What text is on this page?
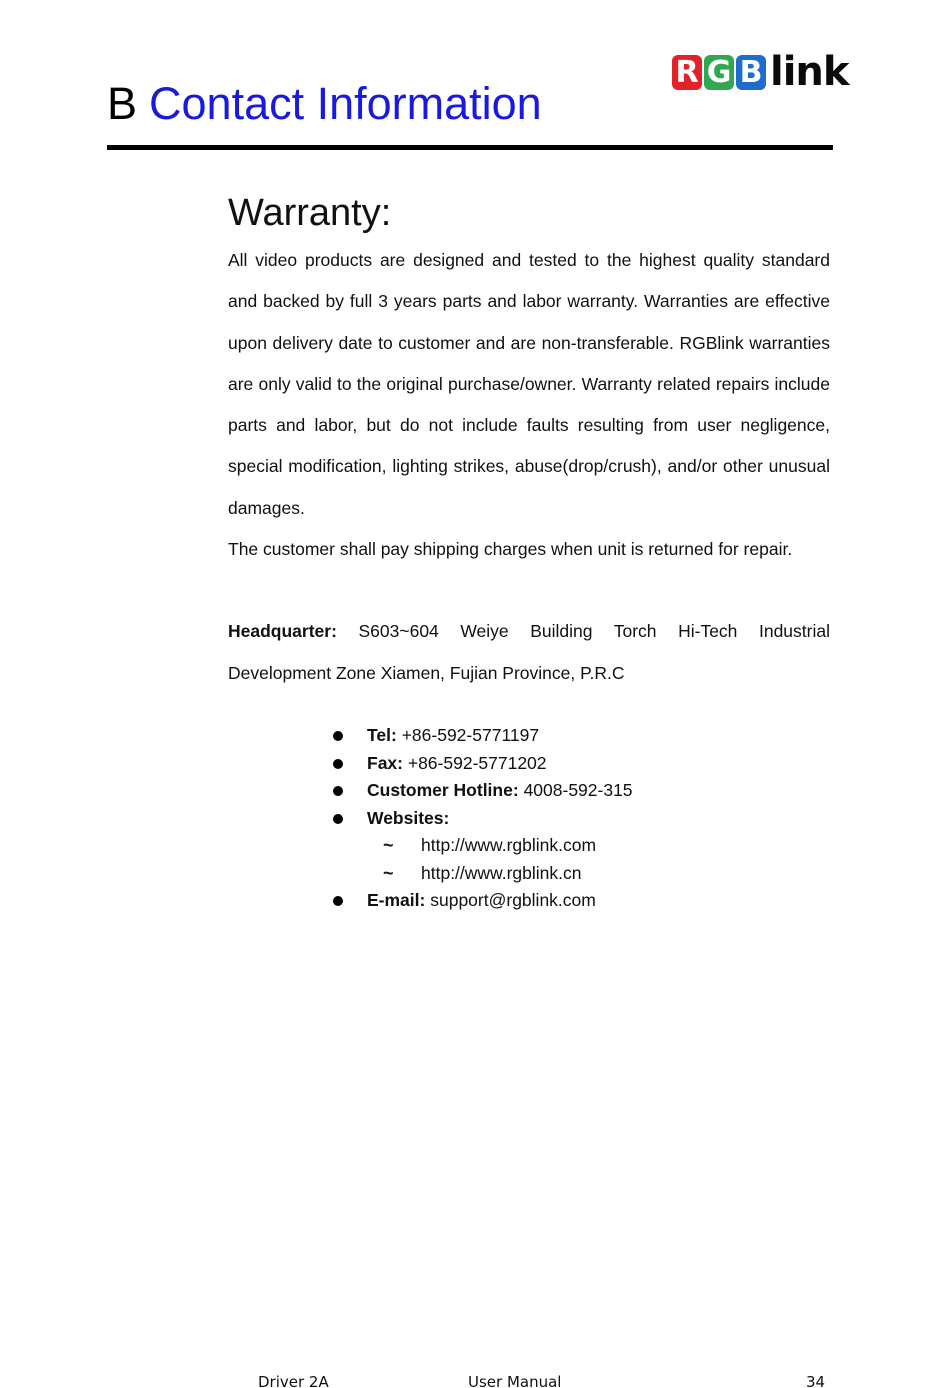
B Contact Information
R G B link
Warranty:

All video products are designed and tested to the highest quality standard and backed by full 3 years parts and labor warranty. Warranties are effective upon delivery date to customer and are non-transferable. RGBlink warranties are only valid to the original purchase/owner. Warranty related repairs include parts and labor, but do not include faults resulting from user negligence, special modification, lighting strikes, abuse(drop/crush), and/or other unusual damages.

The customer shall pay shipping charges when unit is returned for repair.

Headquarter: S603~604 Weiye Building Torch Hi-Tech Industrial Development Zone Xiamen, Fujian Province, P.R.C

Tel: +86-592-5771197
Fax: +86-592-5771202
Customer Hotline: 4008-592-315
Websites:
~	http://www.rgblink.com
~	http://www.rgblink.cn
E-mail: support@rgblink.com
Driver 2A	User Manual	34
